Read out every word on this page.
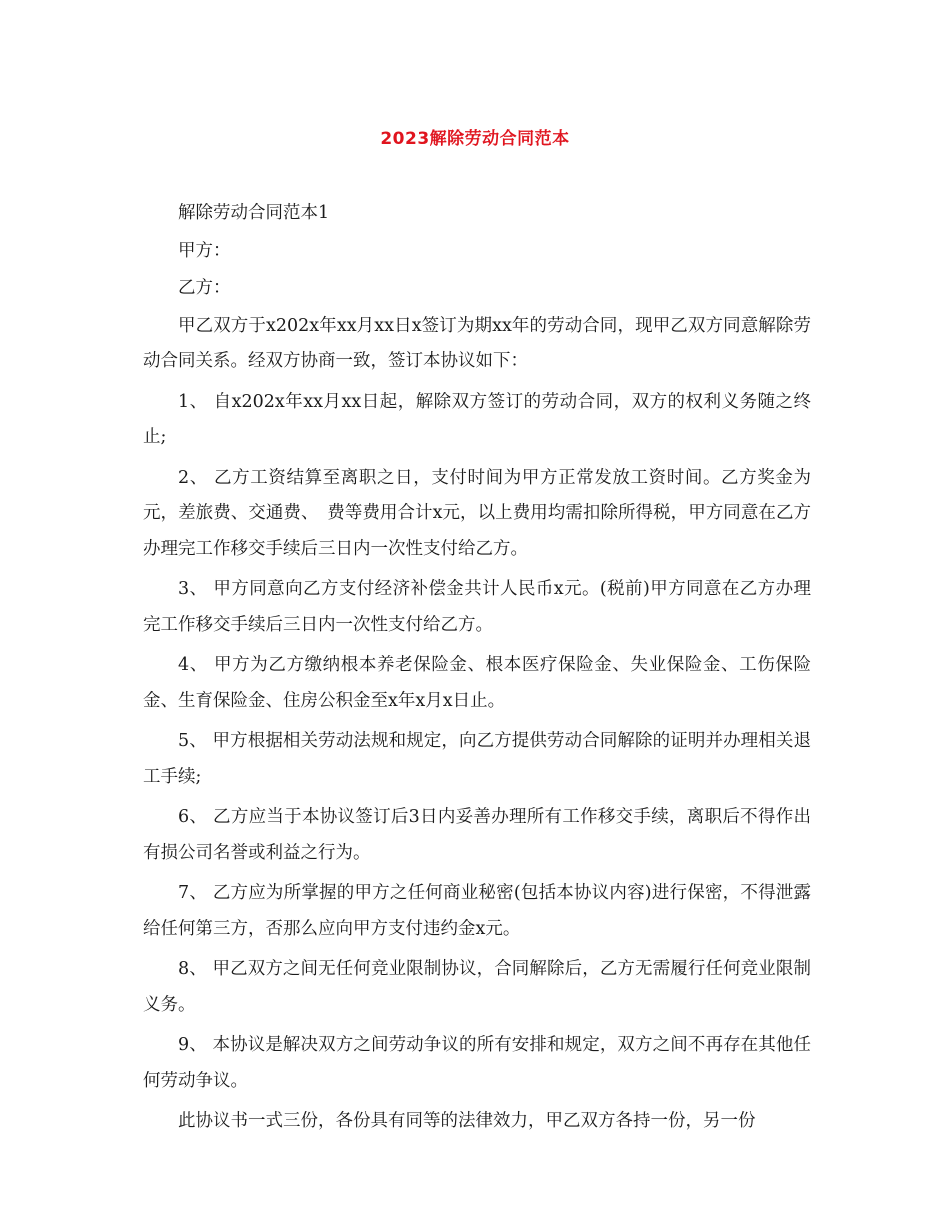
2023解除劳动合同范本

解除劳动合同范本1

甲方：

乙方：

甲乙双方于x202x年xx月xx日x签订为期xx年的劳动合同，现甲乙双方同意解除劳动合同关系。经双方协商一致，签订本协议如下：

1、 自x202x年xx月xx日起，解除双方签订的劳动合同，双方的权利义务随之终止;

2、 乙方工资结算至离职之日，支付时间为甲方正常发放工资时间。乙方奖金为元，差旅费、交通费、　费等费用合计x元，以上费用均需扣除所得税，甲方同意在乙方办理完工作移交手续后三日内一次性支付给乙方。

3、 甲方同意向乙方支付经济补偿金共计人民币x元。(税前)甲方同意在乙方办理完工作移交手续后三日内一次性支付给乙方。

4、 甲方为乙方缴纳根本养老保险金、根本医疗保险金、失业保险金、工伤保险金、生育保险金、住房公积金至x年x月x日止。

5、 甲方根据相关劳动法规和规定，向乙方提供劳动合同解除的证明并办理相关退工手续;

6、 乙方应当于本协议签订后3日内妥善办理所有工作移交手续，离职后不得作出有损公司名誉或利益之行为。

7、 乙方应为所掌握的甲方之任何商业秘密(包括本协议内容)进行保密，不得泄露给任何第三方，否那么应向甲方支付违约金x元。

8、 甲乙双方之间无任何竞业限制协议，合同解除后，乙方无需履行任何竞业限制义务。

9、 本协议是解决双方之间劳动争议的所有安排和规定，双方之间不再存在其他任何劳动争议。

此协议书一式三份，各份具有同等的法律效力，甲乙双方各持一份，另一份
